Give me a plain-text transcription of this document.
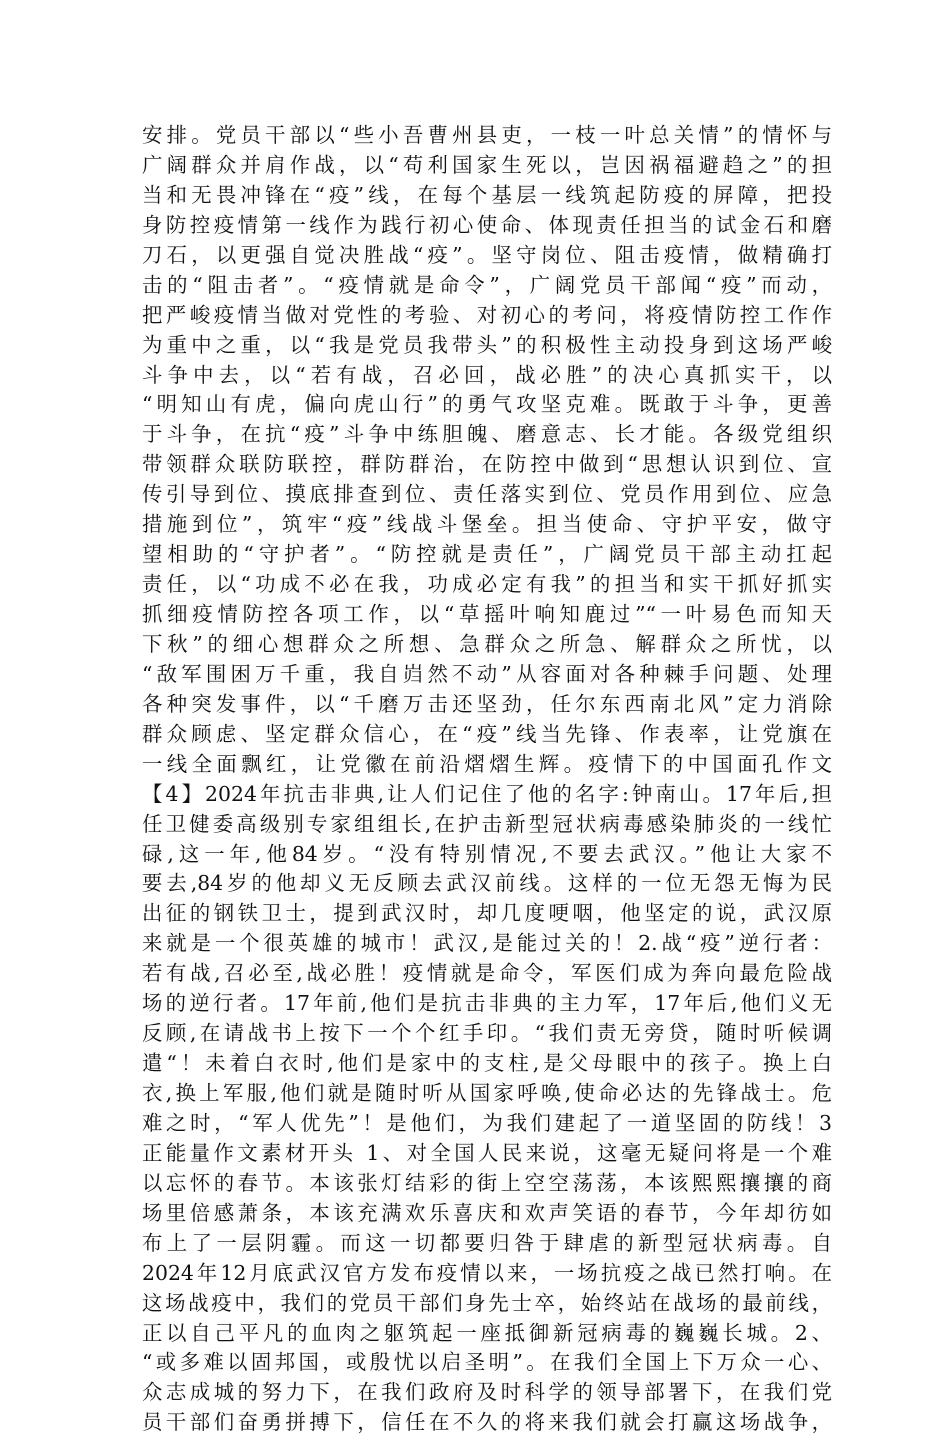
安排。党员干部以“些小吾曹州县吏，一枝一叶总关情”的情怀与
广阔群众并肩作战，以“苟利国家生死以，岂因祸福避趋之”的担
当和无畏冲锋在“疫”线，在每个基层一线筑起防疫的屏障，把投
身防控疫情第一线作为践行初心使命、体现责任担当的试金石和磨
刀石，以更强自觉决胜战“疫”。坚守岗位、阻击疫情，做精确打
击的“阻击者”。“疫情就是命令”，广阔党员干部闻“疫”而动，
把严峻疫情当做对党性的考验、对初心的考问，将疫情防控工作作
为重中之重，以“我是党员我带头”的积极性主动投身到这场严峻
斗争中去，以“若有战，召必回，战必胜”的决心真抓实干，以
“明知山有虎，偏向虎山行”的勇气攻坚克难。既敢于斗争，更善
于斗争，在抗“疫”斗争中练胆魄、磨意志、长才能。各级党组织
带领群众联防联控，群防群治，在防控中做到“思想认识到位、宣
传引导到位、摸底排查到位、责任落实到位、党员作用到位、应急
措施到位”，筑牢“疫”线战斗堡垒。担当使命、守护平安，做守
望相助的“守护者”。“防控就是责任”，广阔党员干部主动扛起
责任，以“功成不必在我，功成必定有我”的担当和实干抓好抓实
抓细疫情防控各项工作，以“草摇叶响知鹿过”“一叶易色而知天
下秋”的细心想群众之所想、急群众之所急、解群众之所忧，以
“敌军围困万千重，我自岿然不动”从容面对各种棘手问题、处理
各种突发事件，以“千磨万击还坚劲，任尔东西南北风”定力消除
群众顾虑、坚定群众信心，在“疫”线当先锋、作表率，让党旗在
一线全面飘红，让党徽在前沿熠熠生辉。疫情下的中国面孔作文
【4】2024年抗击非典,让人们记住了他的名字:钟南山。17年后,担
任卫健委高级别专家组组长,在护击新型冠状病毒感染肺炎的一线忙
碌,这一年,他84岁。“没有特别情况,不要去武汉。”他让大家不
要去,84岁的他却义无反顾去武汉前线。这样的一位无怨无悔为民
出征的钢铁卫士，提到武汉时，却几度哽咽，他坚定的说，武汉原
来就是一个很英雄的城市！武汉,是能过关的！2.战“疫”逆行者：
若有战,召必至,战必胜！疫情就是命令，军医们成为奔向最危险战
场的逆行者。17年前,他们是抗击非典的主力军，17年后,他们义无
反顾,在请战书上按下一个个红手印。“我们责无旁贷，随时听候调
遣“！未着白衣时,他们是家中的支柱,是父母眼中的孩子。换上白
衣,换上军服,他们就是随时听从国家呼唤,使命必达的先锋战士。危
难之时，“军人优先”！是他们，为我们建起了一道坚固的防线！3
正能量作文素材开头 1、对全国人民来说，这毫无疑问将是一个难
以忘怀的春节。本该张灯结彩的街上空空荡荡，本该熙熙攘攘的商
场里倍感萧条，本该充满欢乐喜庆和欢声笑语的春节，今年却彷如
布上了一层阴霾。而这一切都要归咎于肆虐的新型冠状病毒。自
2024年12月底武汉官方发布疫情以来，一场抗疫之战已然打响。在
这场战疫中，我们的党员干部们身先士卒，始终站在战场的最前线，
正以自己平凡的血肉之躯筑起一座抵御新冠病毒的巍巍长城。2、
“或多难以固邦国，或殷忧以启圣明”。在我们全国上下万众一心、
众志成城的努力下，在我们政府及时科学的领导部署下，在我们党
员干部们奋勇拼搏下，信任在不久的将来我们就会打赢这场战争，
